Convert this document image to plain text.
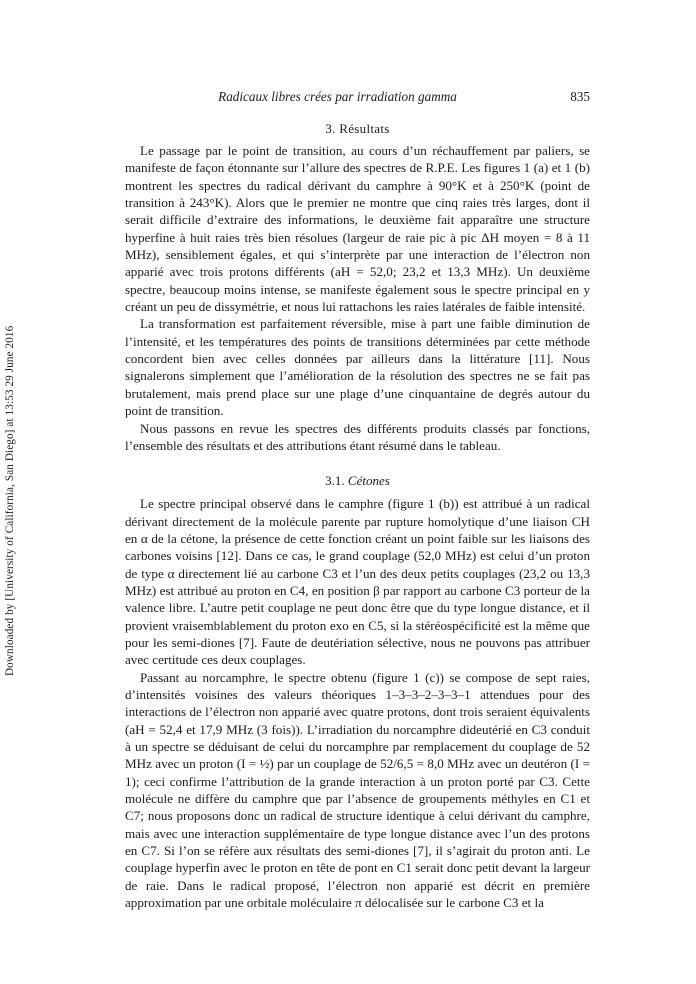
Downloaded by [University of California, San Diego] at 13:53 29 June 2016
Radicaux libres crées par irradiation gamma	835
3. Résultats

Le passage par le point de transition, au cours d’un réchauffement par paliers, se manifeste de façon étonnante sur l’allure des spectres de R.P.E. Les figures 1 (a) et 1 (b) montrent les spectres du radical dérivant du camphre à 90°K et à 250°K (point de transition à 243°K). Alors que le premier ne montre que cinq raies très larges, dont il serait difficile d’extraire des informations, le deuxième fait apparaître une structure hyperfine à huit raies très bien résolues (largeur de raie pic à pic ΔH moyen = 8 à 11 MHz), sensiblement égales, et qui s’interprète par une interaction de l’électron non apparié avec trois protons différents (aH = 52,0; 23,2 et 13,3 MHz). Un deuxième spectre, beaucoup moins intense, se manifeste également sous le spectre principal en y créant un peu de dissymétrie, et nous lui rattachons les raies latérales de faible intensité.

La transformation est parfaitement réversible, mise à part une faible diminution de l’intensité, et les températures des points de transitions déterminées par cette méthode concordent bien avec celles données par ailleurs dans la littérature [11]. Nous signalerons simplement que l’amélioration de la résolution des spectres ne se fait pas brutalement, mais prend place sur une plage d’une cinquantaine de degrés autour du point de transition.

Nous passons en revue les spectres des différents produits classés par fonctions, l’ensemble des résultats et des attributions étant résumé dans le tableau.

3.1. Cétones

Le spectre principal observé dans le camphre (figure 1 (b)) est attribué à un radical dérivant directement de la molécule parente par rupture homolytique d’une liaison CH en α de la cétone, la présence de cette fonction créant un point faible sur les liaisons des carbones voisins [12]. Dans ce cas, le grand couplage (52,0 MHz) est celui d’un proton de type α directement lié au carbone C3 et l’un des deux petits couplages (23,2 ou 13,3 MHz) est attribué au proton en C4, en position β par rapport au carbone C3 porteur de la valence libre. L’autre petit couplage ne peut donc être que du type longue distance, et il provient vraisemblablement du proton exo en C5, si la stéréospécificité est la même que pour les semi-diones [7]. Faute de deutériation sélective, nous ne pouvons pas attribuer avec certitude ces deux couplages.

Passant au norcamphre, le spectre obtenu (figure 1 (c)) se compose de sept raies, d’intensités voisines des valeurs théoriques 1–3–3–2–3–3–1 attendues pour des interactions de l’électron non apparié avec quatre protons, dont trois seraient équivalents (aH = 52,4 et 17,9 MHz (3 fois)). L’irradiation du norcamphre dideutérié en C3 conduit à un spectre se déduisant de celui du norcamphre par remplacement du couplage de 52 MHz avec un proton (I = ½) par un couplage de 52/6,5 = 8,0 MHz avec un deutéron (I = 1); ceci confirme l’attribution de la grande interaction à un proton porté par C3. Cette molécule ne diffère du camphre que par l’absence de groupements méthyles en C1 et C7; nous proposons donc un radical de structure identique à celui dérivant du camphre, mais avec une interaction supplémentaire de type longue distance avec l’un des protons en C7. Si l’on se réfère aux résultats des semi-diones [7], il s’agirait du proton anti. Le couplage hyperfin avec le proton en tête de pont en C1 serait donc petit devant la largeur de raie. Dans le radical proposé, l’électron non apparié est décrit en première approximation par une orbitale moléculaire π délocalisée sur le carbone C3 et la
